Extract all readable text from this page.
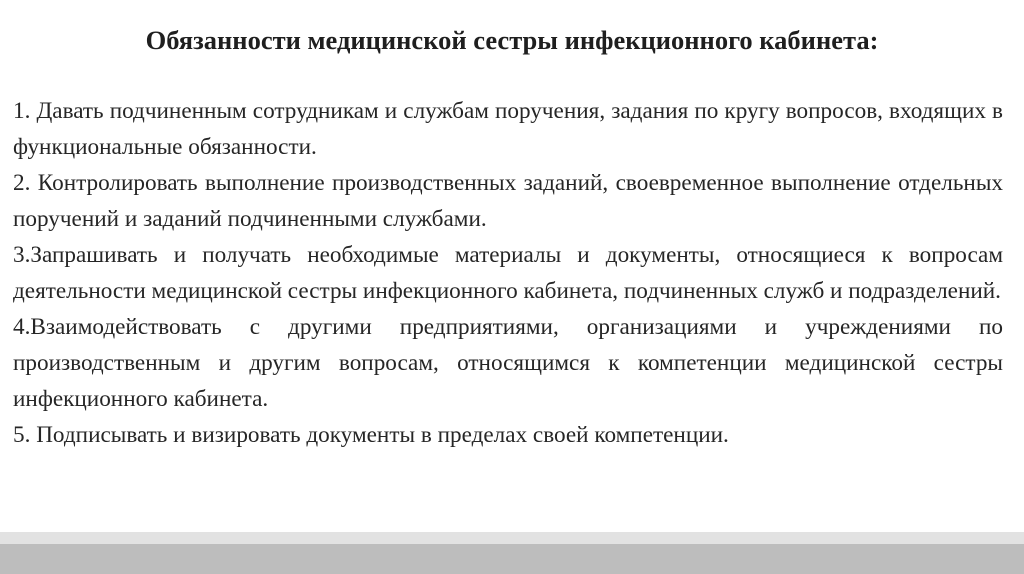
Обязанности медицинской сестры инфекционного кабинета:
1. Давать подчиненным сотрудникам и службам поручения, задания по кругу вопросов, входящих в функциональные обязанности.
2. Контролировать выполнение производственных заданий, своевременное выполнение отдельных поручений и заданий подчиненными службами.
3.Запрашивать и получать необходимые материалы и документы, относящиеся к вопросам деятельности медицинской сестры инфекционного кабинета, подчиненных служб и подразделений.
4.Взаимодействовать с другими предприятиями, организациями и учреждениями по производственным и другим вопросам, относящимся к компетенции медицинской сестры инфекционного кабинета.
5. Подписывать и визировать документы в пределах своей компетенции.
